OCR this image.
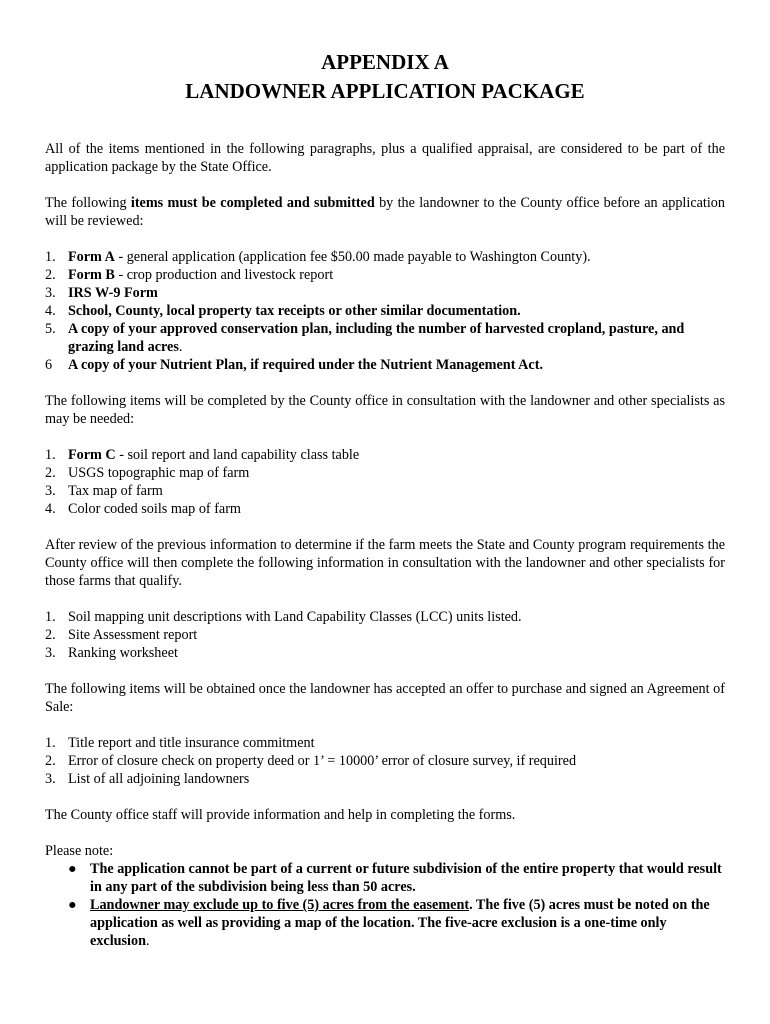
APPENDIX A
LANDOWNER APPLICATION PACKAGE

All of the items mentioned in the following paragraphs, plus a qualified appraisal, are considered to be part of the application package by the State Office.

The following items must be completed and submitted by the landowner to the County office before an application will be reviewed:

1. Form A - general application (application fee $50.00 made payable to Washington County).
2. Form B - crop production and livestock report
3. IRS W-9 Form
4. School, County, local property tax receipts or other similar documentation.
5. A copy of your approved conservation plan, including the number of harvested cropland, pasture, and grazing land acres.
6 A copy of your Nutrient Plan, if required under the Nutrient Management Act.

The following items will be completed by the County office in consultation with the landowner and other specialists as may be needed:

1. Form C - soil report and land capability class table
2. USGS topographic map of farm
3. Tax map of farm
4. Color coded soils map of farm

After review of the previous information to determine if the farm meets the State and County program requirements the County office will then complete the following information in consultation with the landowner and other specialists for those farms that qualify.

1. Soil mapping unit descriptions with Land Capability Classes (LCC) units listed.
2. Site Assessment report
3. Ranking worksheet

The following items will be obtained once the landowner has accepted an offer to purchase and signed an Agreement of Sale:

1. Title report and title insurance commitment
2. Error of closure check on property deed or 1’ = 10000’ error of closure survey, if required
3. List of all adjoining landowners

The County office staff will provide information and help in completing the forms.

Please note:

● The application cannot be part of a current or future subdivision of the entire property that would result in any part of the subdivision being less than 50 acres.
● Landowner may exclude up to five (5) acres from the easement. The five (5) acres must be noted on the application as well as providing a map of the location. The five-acre exclusion is a one-time only exclusion.
